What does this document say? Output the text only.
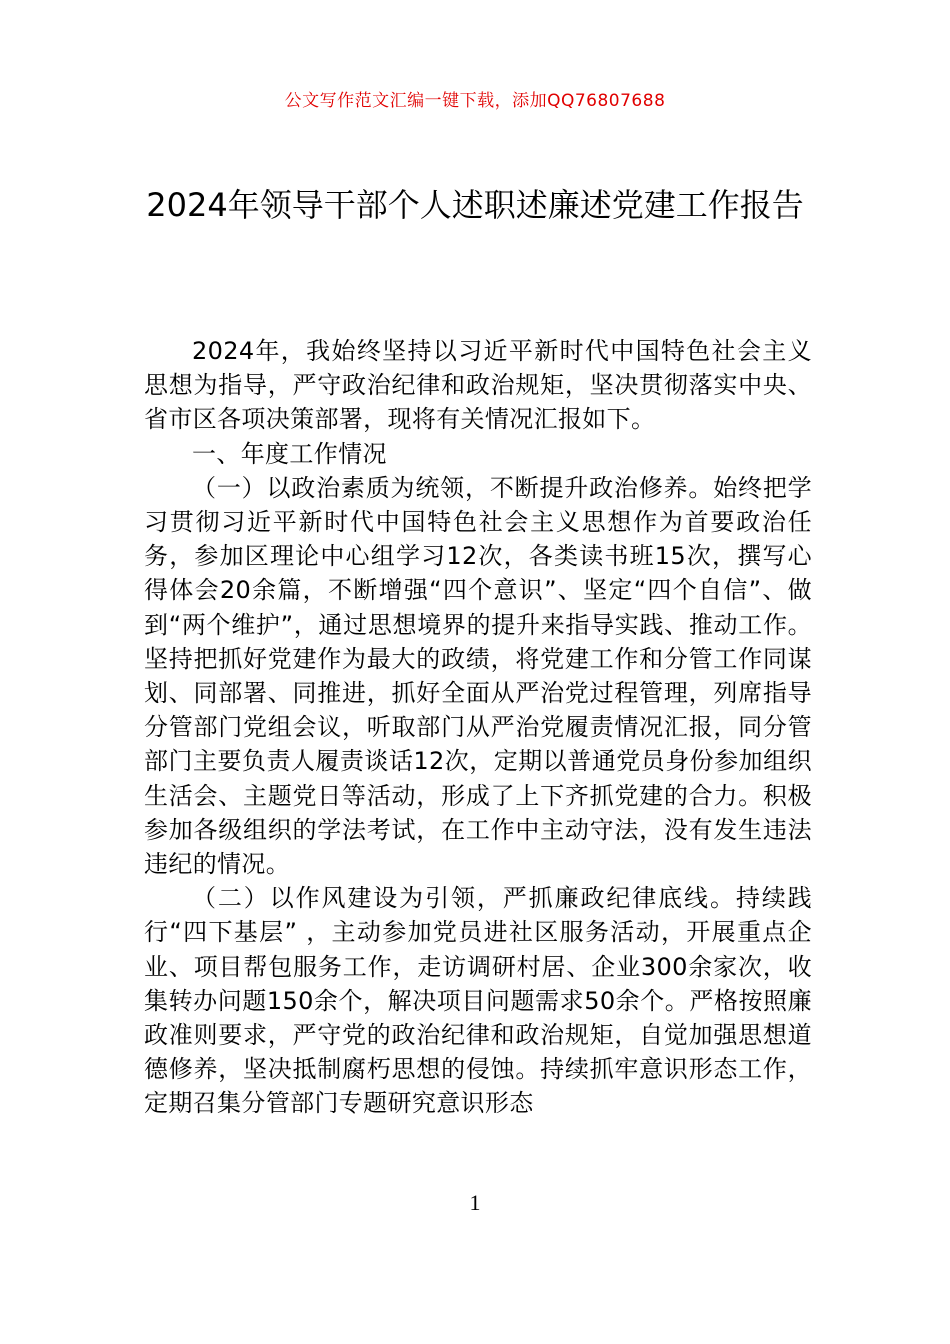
公文写作范文汇编一键下载，添加QQ76807688
2024年领导干部个人述职述廉述党建工作报告

2024年，我始终坚持以习近平新时代中国特色社会主义思想为指导，严守政治纪律和政治规矩，坚决贯彻落实中央、省市区各项决策部署，现将有关情况汇报如下。

一、年度工作情况

（一）以政治素质为统领，不断提升政治修养。始终把学习贯彻习近平新时代中国特色社会主义思想作为首要政治任务，参加区理论中心组学习12次，各类读书班15次，撰写心得体会20余篇，不断增强“四个意识”、坚定“四个自信”、做到“两个维护”，通过思想境界的提升来指导实践、推动工作。坚持把抓好党建作为最大的政绩，将党建工作和分管工作同谋划、同部署、同推进，抓好全面从严治党过程管理，列席指导分管部门党组会议，听取部门从严治党履责情况汇报，同分管部门主要负责人履责谈话12次，定期以普通党员身份参加组织生活会、主题党日等活动，形成了上下齐抓党建的合力。积极参加各级组织的学法考试，在工作中主动守法，没有发生违法违纪的情况。

（二）以作风建设为引领，严抓廉政纪律底线。持续践行“四下基层” ，主动参加党员进社区服务活动，开展重点企业、项目帮包服务工作，走访调研村居、企业300余家次，收集转办问题150余个，解决项目问题需求50余个。严格按照廉政准则要求，严守党的政治纪律和政治规矩，自觉加强思想道德修养，坚决抵制腐朽思想的侵蚀。持续抓牢意识形态工作，定期召集分管部门专题研究意识形态

1
